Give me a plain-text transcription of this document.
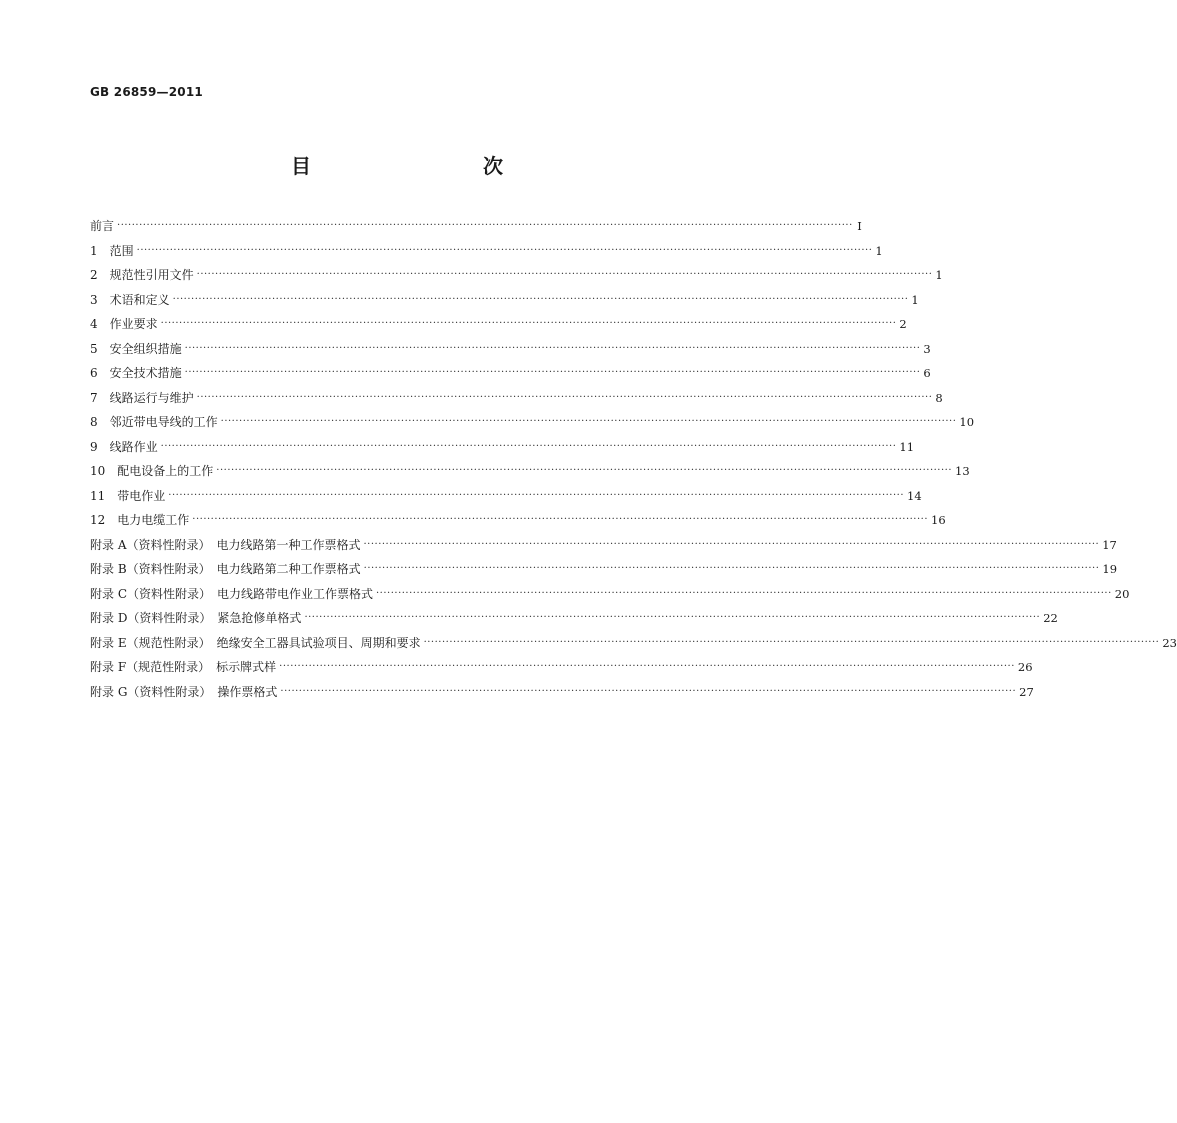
GB 26859—2011
目　　次
前言 ········································································································································································································ Ⅰ
1　范围 ········································································································································································································ 1
2　规范性引用文件 ········································································································································································································ 1
3　术语和定义 ········································································································································································································ 1
4　作业要求 ········································································································································································································ 2
5　安全组织措施 ········································································································································································································ 3
6　安全技术措施 ········································································································································································································ 6
7　线路运行与维护 ········································································································································································································ 8
8　邻近带电导线的工作 ········································································································································································································ 10
9　线路作业 ········································································································································································································ 11
10　配电设备上的工作 ········································································································································································································ 13
11　带电作业 ········································································································································································································ 14
12　电力电缆工作 ········································································································································································································ 16
附录 A（资料性附录）　电力线路第一种工作票格式 ········································································································································································································ 17
附录 B（资料性附录）　电力线路第二种工作票格式 ········································································································································································································ 19
附录 C（资料性附录）　电力线路带电作业工作票格式 ········································································································································································································ 20
附录 D（资料性附录）　紧急抢修单格式 ········································································································································································································ 22
附录 E（规范性附录）　绝缘安全工器具试验项目、周期和要求 ········································································································································································································ 23
附录 F（规范性附录）　标示牌式样 ········································································································································································································ 26
附录 G（资料性附录）　操作票格式 ········································································································································································································ 27
